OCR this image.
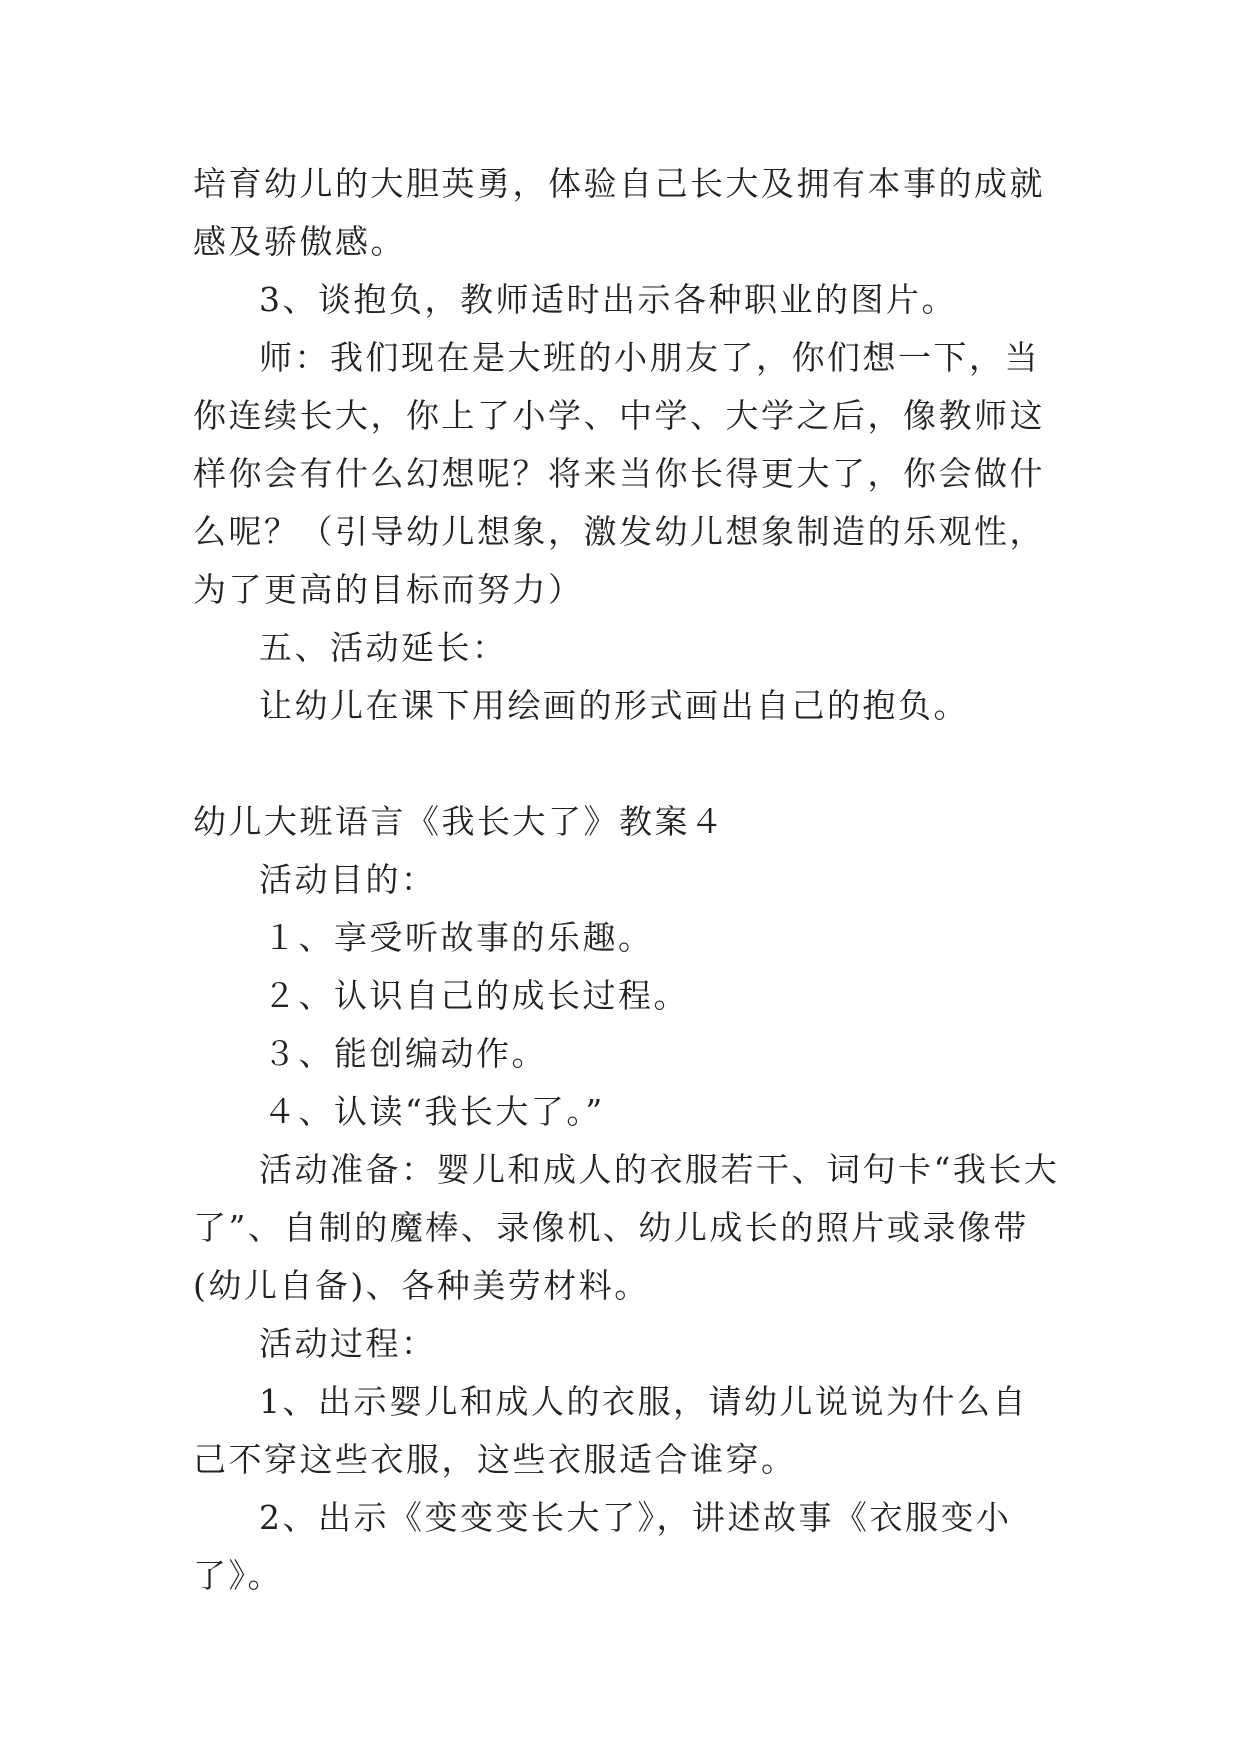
培育幼儿的大胆英勇，体验自己长大及拥有本事的成就感及骄傲感。

3、谈抱负，教师适时出示各种职业的图片。

师：我们现在是大班的小朋友了，你们想一下，当你连续长大，你上了小学、中学、大学之后，像教师这样你会有什么幻想呢？将来当你长得更大了，你会做什么呢？（引导幼儿想象，激发幼儿想象制造的乐观性，为了更高的目标而努力）

五、活动延长：

让幼儿在课下用绘画的形式画出自己的抱负。

幼儿大班语言《我长大了》教案４

活动目的：

１、享受听故事的乐趣。

２、认识自己的成长过程。

３、能创编动作。

４、认读“我长大了。”

活动准备：婴儿和成人的衣服若干、词句卡“我长大了”、自制的魔棒、录像机、幼儿成长的照片或录像带(幼儿自备)、各种美劳材料。

活动过程：

1、出示婴儿和成人的衣服，请幼儿说说为什么自己不穿这些衣服，这些衣服适合谁穿。

2、出示《变变变长大了》，讲述故事《衣服变小了》。
